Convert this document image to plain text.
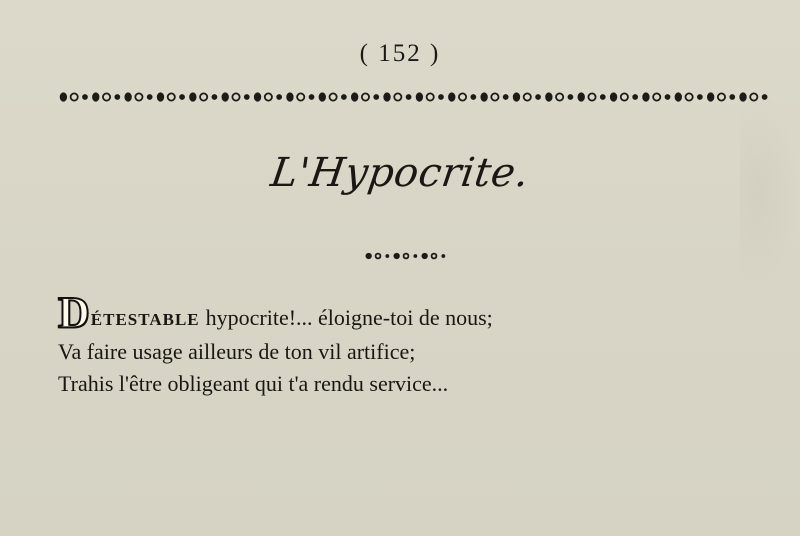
( 152 )
L'Hypocrite.
DÉTESTABLE hypocrite!... éloigne-toi de nous;
Va faire usage ailleurs de ton vil artifice;
Trahis l'être obligeant qui t'a rendu service...
